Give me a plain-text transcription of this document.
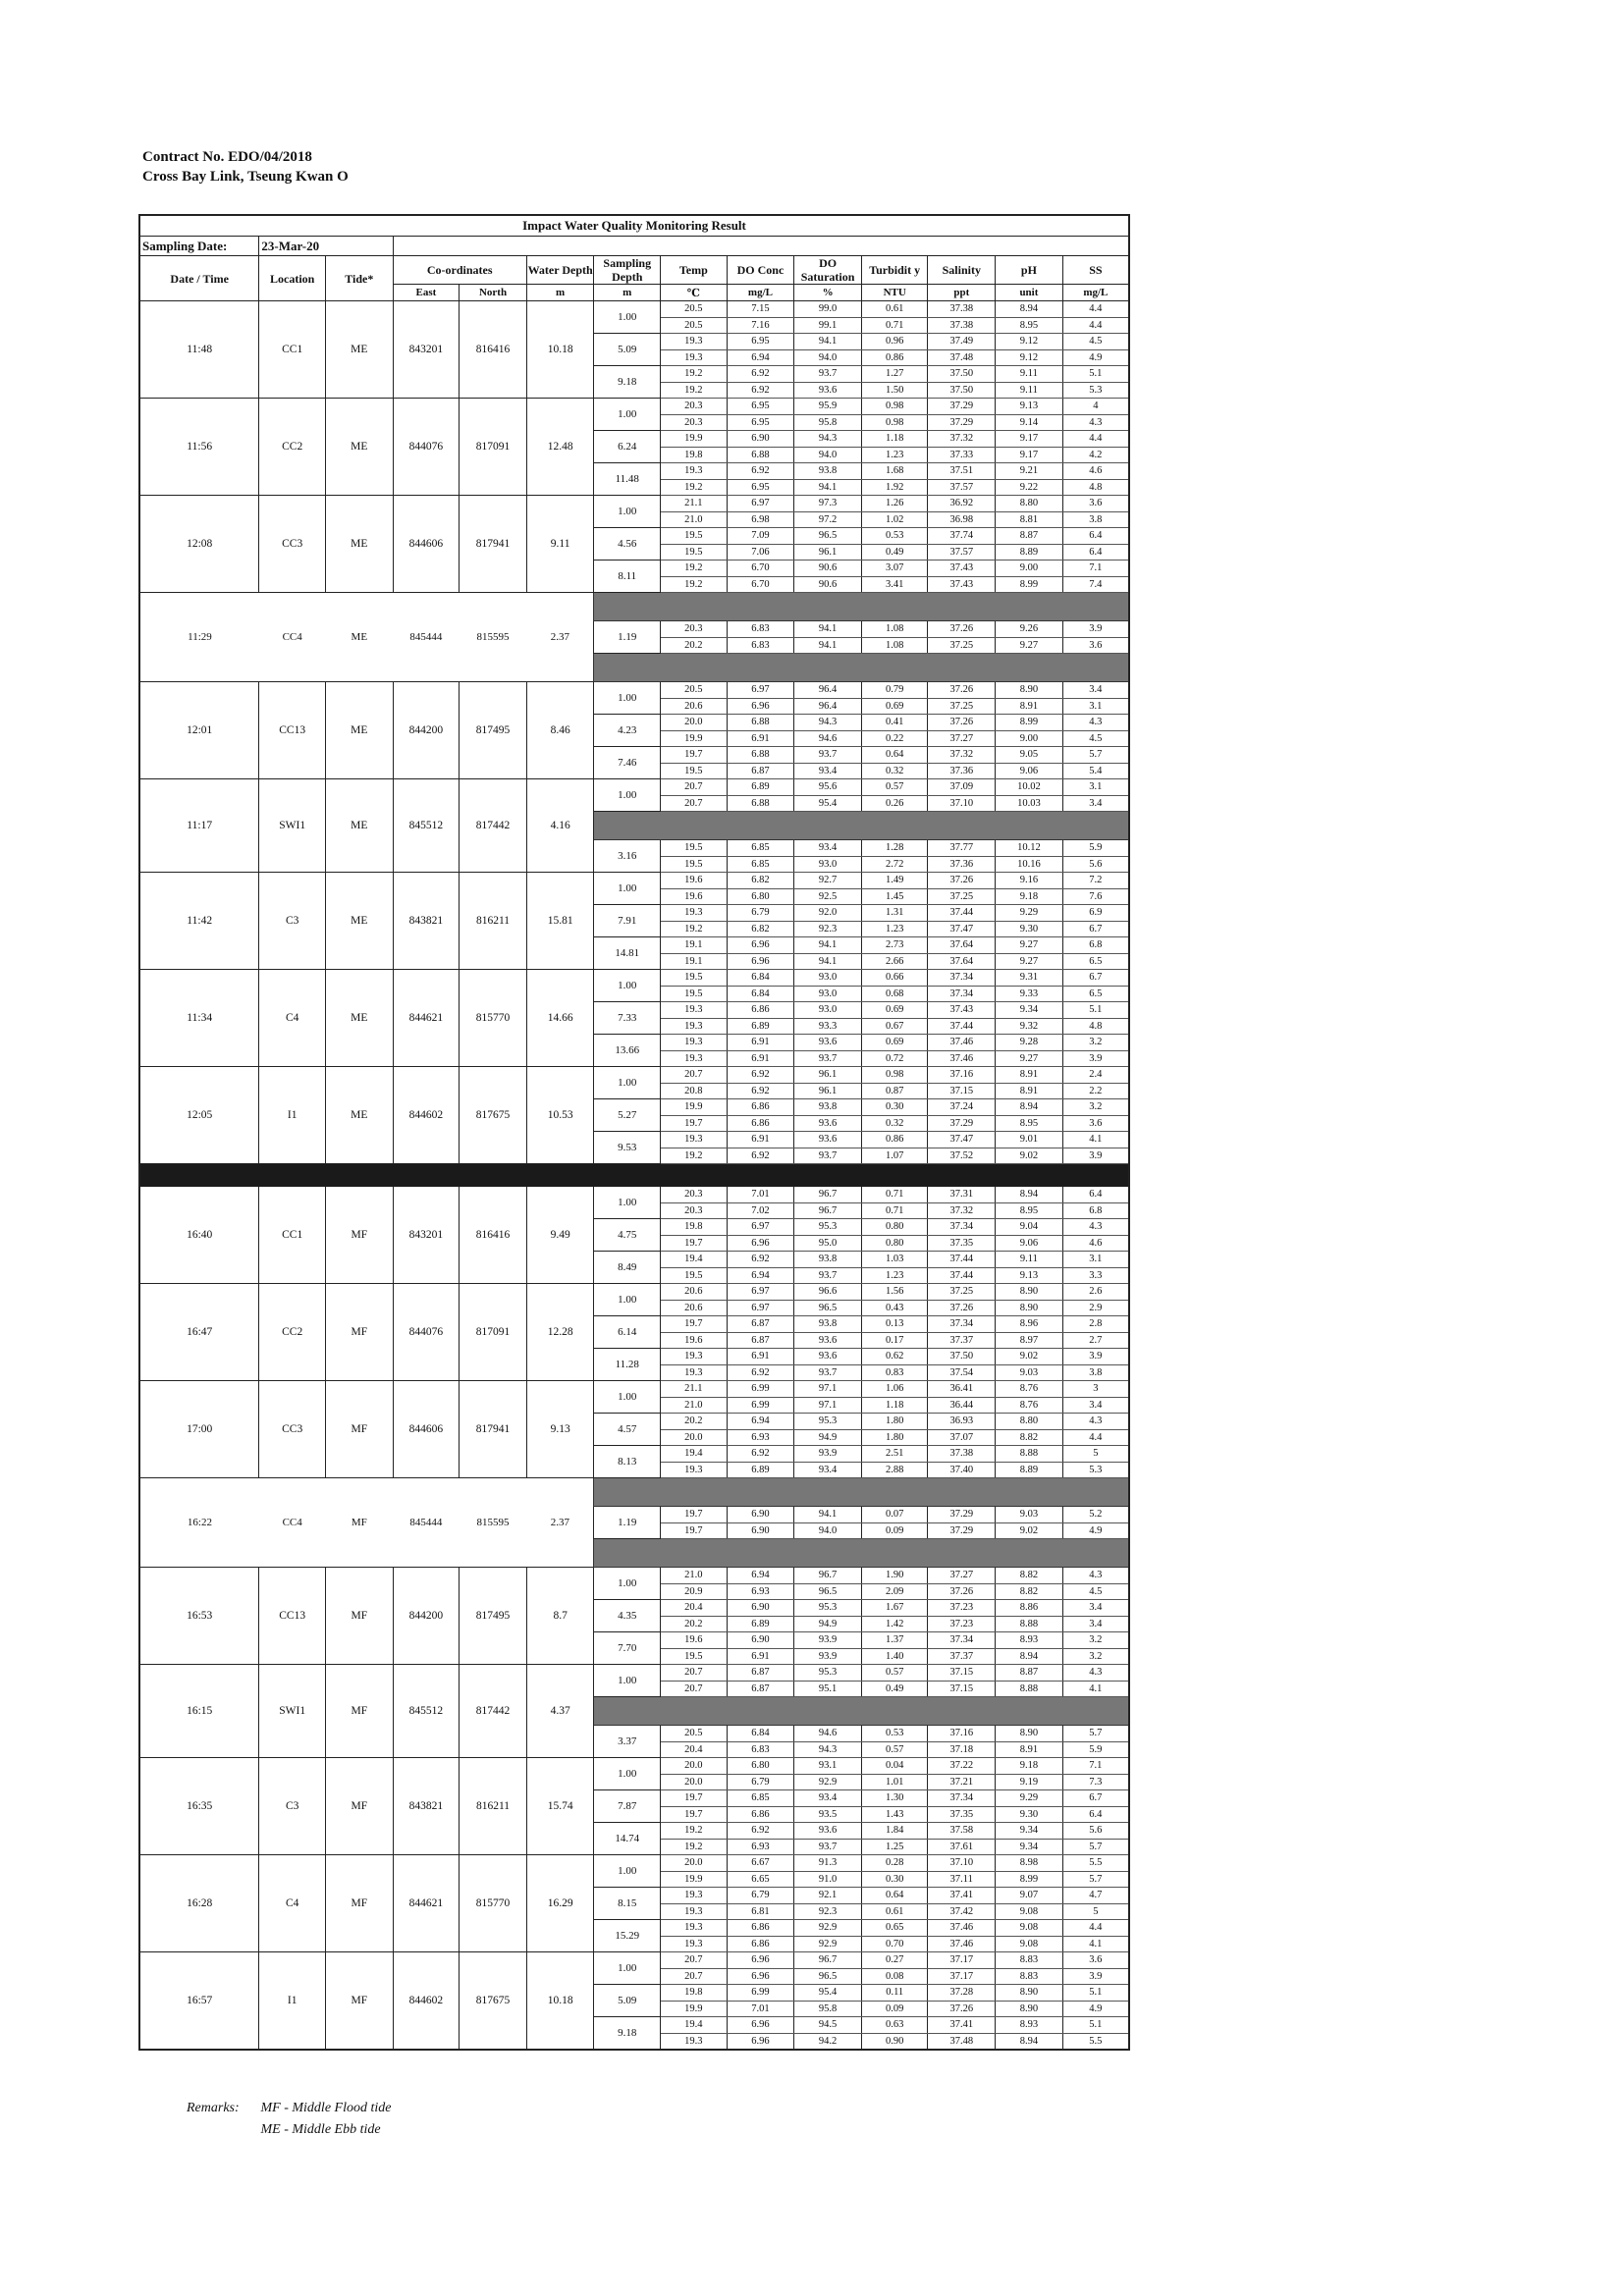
Contract No. EDO/04/2018
Cross Bay Link, Tseung Kwan O
Impact Water Quality Monitoring Result													
Sampling Date:	23-Mar-20												
Date / Time	Location	Tide*	Co-ordinates		Water Depth	Sampling Depth	Temp	DO Conc	DO Saturation	Turbidit y	Salinity	pH	SS
			East	North	m	m	℃	mg/L	%	NTU	ppt	unit	mg/L
11:48	CC1	ME	843201	816416	10.18	1.00	20.5	7.15	99.0	0.61	37.38	8.94	4.4
							20.5	7.16	99.1	0.71	37.38	8.95	4.4
						5.09	19.3	6.95	94.1	0.96	37.49	9.12	4.5
							19.3	6.94	94.0	0.86	37.48	9.12	4.9
						9.18	19.2	6.92	93.7	1.27	37.50	9.11	5.1
							19.2	6.92	93.6	1.50	37.50	9.11	5.3
11:56	CC2	ME	844076	817091	12.48	1.00	20.3	6.95	95.9	0.98	37.29	9.13	4
							20.3	6.95	95.8	0.98	37.29	9.14	4.3
						6.24	19.9	6.90	94.3	1.18	37.32	9.17	4.4
							19.8	6.88	94.0	1.23	37.33	9.17	4.2
						11.48	19.3	6.92	93.8	1.68	37.51	9.21	4.6
							19.2	6.95	94.1	1.92	37.57	9.22	4.8
12:08	CC3	ME	844606	817941	9.11	1.00	21.1	6.97	97.3	1.26	36.92	8.80	3.6
							21.0	6.98	97.2	1.02	36.98	8.81	3.8
						4.56	19.5	7.09	96.5	0.53	37.74	8.87	6.4
							19.5	7.06	96.1	0.49	37.57	8.89	6.4
						8.11	19.2	6.70	90.6	3.07	37.43	9.00	7.1
							19.2	6.70	90.6	3.41	37.43	8.99	7.4
11:29	CC4	ME	845444	815595	2.37								
						1.19	20.3	6.83	94.1	1.08	37.26	9.26	3.9
							20.2	6.83	94.1	1.08	37.25	9.27	3.6

12:01	CC13	ME	844200	817495	8.46	1.00	20.5	6.97	96.4	0.79	37.26	8.90	3.4
							20.6	6.96	96.4	0.69	37.25	8.91	3.1
						4.23	20.0	6.88	94.3	0.41	37.26	8.99	4.3
							19.9	6.91	94.6	0.22	37.27	9.00	4.5
						7.46	19.7	6.88	93.7	0.64	37.32	9.05	5.7
							19.5	6.87	93.4	0.32	37.36	9.06	5.4
11:17	SWI1	ME	845512	817442	4.16	1.00	20.7	6.89	95.6	0.57	37.09	10.02	3.1
							20.7	6.88	95.4	0.26	37.10	10.03	3.4

						3.16	19.5	6.85	93.4	1.28	37.77	10.12	5.9
							19.5	6.85	93.0	2.72	37.36	10.16	5.6
11:42	C3	ME	843821	816211	15.81	1.00	19.6	6.82	92.7	1.49	37.26	9.16	7.2
							19.6	6.80	92.5	1.45	37.25	9.18	7.6
						7.91	19.3	6.79	92.0	1.31	37.44	9.29	6.9
							19.2	6.82	92.3	1.23	37.47	9.30	6.7
						14.81	19.1	6.96	94.1	2.73	37.64	9.27	6.8
							19.1	6.96	94.1	2.66	37.64	9.27	6.5
11:34	C4	ME	844621	815770	14.66	1.00	19.5	6.84	93.0	0.66	37.34	9.31	6.7
							19.5	6.84	93.0	0.68	37.34	9.33	6.5
						7.33	19.3	6.86	93.0	0.69	37.43	9.34	5.1
							19.3	6.89	93.3	0.67	37.44	9.32	4.8
						13.66	19.3	6.91	93.6	0.69	37.46	9.28	3.2
							19.3	6.91	93.7	0.72	37.46	9.27	3.9
12:05	I1	ME	844602	817675	10.53	1.00	20.7	6.92	96.1	0.98	37.16	8.91	2.4
							20.8	6.92	96.1	0.87	37.15	8.91	2.2
						5.27	19.9	6.86	93.8	0.30	37.24	8.94	3.2
							19.7	6.86	93.6	0.32	37.29	8.95	3.6
						9.53	19.3	6.91	93.6	0.86	37.47	9.01	4.1
							19.2	6.92	93.7	1.07	37.52	9.02	3.9

16:40	CC1	MF	843201	816416	9.49	1.00	20.3	7.01	96.7	0.71	37.31	8.94	6.4
							20.3	7.02	96.7	0.71	37.32	8.95	6.8
						4.75	19.8	6.97	95.3	0.80	37.34	9.04	4.3
							19.7	6.96	95.0	0.80	37.35	9.06	4.6
						8.49	19.4	6.92	93.8	1.03	37.44	9.11	3.1
							19.5	6.94	93.7	1.23	37.44	9.13	3.3
16:47	CC2	MF	844076	817091	12.28	1.00	20.6	6.97	96.6	1.56	37.25	8.90	2.6
							20.6	6.97	96.5	0.43	37.26	8.90	2.9
						6.14	19.7	6.87	93.8	0.13	37.34	8.96	2.8
							19.6	6.87	93.6	0.17	37.37	8.97	2.7
						11.28	19.3	6.91	93.6	0.62	37.50	9.02	3.9
							19.3	6.92	93.7	0.83	37.54	9.03	3.8
17:00	CC3	MF	844606	817941	9.13	1.00	21.1	6.99	97.1	1.06	36.41	8.76	3
							21.0	6.99	97.1	1.18	36.44	8.76	3.4
						4.57	20.2	6.94	95.3	1.80	36.93	8.80	4.3
							20.0	6.93	94.9	1.80	37.07	8.82	4.4
						8.13	19.4	6.92	93.9	2.51	37.38	8.88	5
							19.3	6.89	93.4	2.88	37.40	8.89	5.3
16:22	CC4	MF	845444	815595	2.37								
						1.19	19.7	6.90	94.1	0.07	37.29	9.03	5.2
							19.7	6.90	94.0	0.09	37.29	9.02	4.9

16:53	CC13	MF	844200	817495	8.7	1.00	21.0	6.94	96.7	1.90	37.27	8.82	4.3
							20.9	6.93	96.5	2.09	37.26	8.82	4.5
						4.35	20.4	6.90	95.3	1.67	37.23	8.86	3.4
							20.2	6.89	94.9	1.42	37.23	8.88	3.4
						7.70	19.6	6.90	93.9	1.37	37.34	8.93	3.2
							19.5	6.91	93.9	1.40	37.37	8.94	3.2
16:15	SWI1	MF	845512	817442	4.37	1.00	20.7	6.87	95.3	0.57	37.15	8.87	4.3
							20.7	6.87	95.1	0.49	37.15	8.88	4.1

						3.37	20.5	6.84	94.6	0.53	37.16	8.90	5.7
							20.4	6.83	94.3	0.57	37.18	8.91	5.9
16:35	C3	MF	843821	816211	15.74	1.00	20.0	6.80	93.1	0.04	37.22	9.18	7.1
							20.0	6.79	92.9	1.01	37.21	9.19	7.3
						7.87	19.7	6.85	93.4	1.30	37.34	9.29	6.7
							19.7	6.86	93.5	1.43	37.35	9.30	6.4
						14.74	19.2	6.92	93.6	1.84	37.58	9.34	5.6
							19.2	6.93	93.7	1.25	37.61	9.34	5.7
16:28	C4	MF	844621	815770	16.29	1.00	20.0	6.67	91.3	0.28	37.10	8.98	5.5
							19.9	6.65	91.0	0.30	37.11	8.99	5.7
						8.15	19.3	6.79	92.1	0.64	37.41	9.07	4.7
							19.3	6.81	92.3	0.61	37.42	9.08	5
						15.29	19.3	6.86	92.9	0.65	37.46	9.08	4.4
							19.3	6.86	92.9	0.70	37.46	9.08	4.1
16:57	I1	MF	844602	817675	10.18	1.00	20.7	6.96	96.7	0.27	37.17	8.83	3.6
							20.7	6.96	96.5	0.08	37.17	8.83	3.9
						5.09	19.8	6.99	95.4	0.11	37.28	8.90	5.1
							19.9	7.01	95.8	0.09	37.26	8.90	4.9
						9.18	19.4	6.96	94.5	0.63	37.41	8.93	5.1
							19.3	6.96	94.2	0.90	37.48	8.94	5.5
Remarks: MF - Middle Flood tide
ME - Middle Ebb tide
